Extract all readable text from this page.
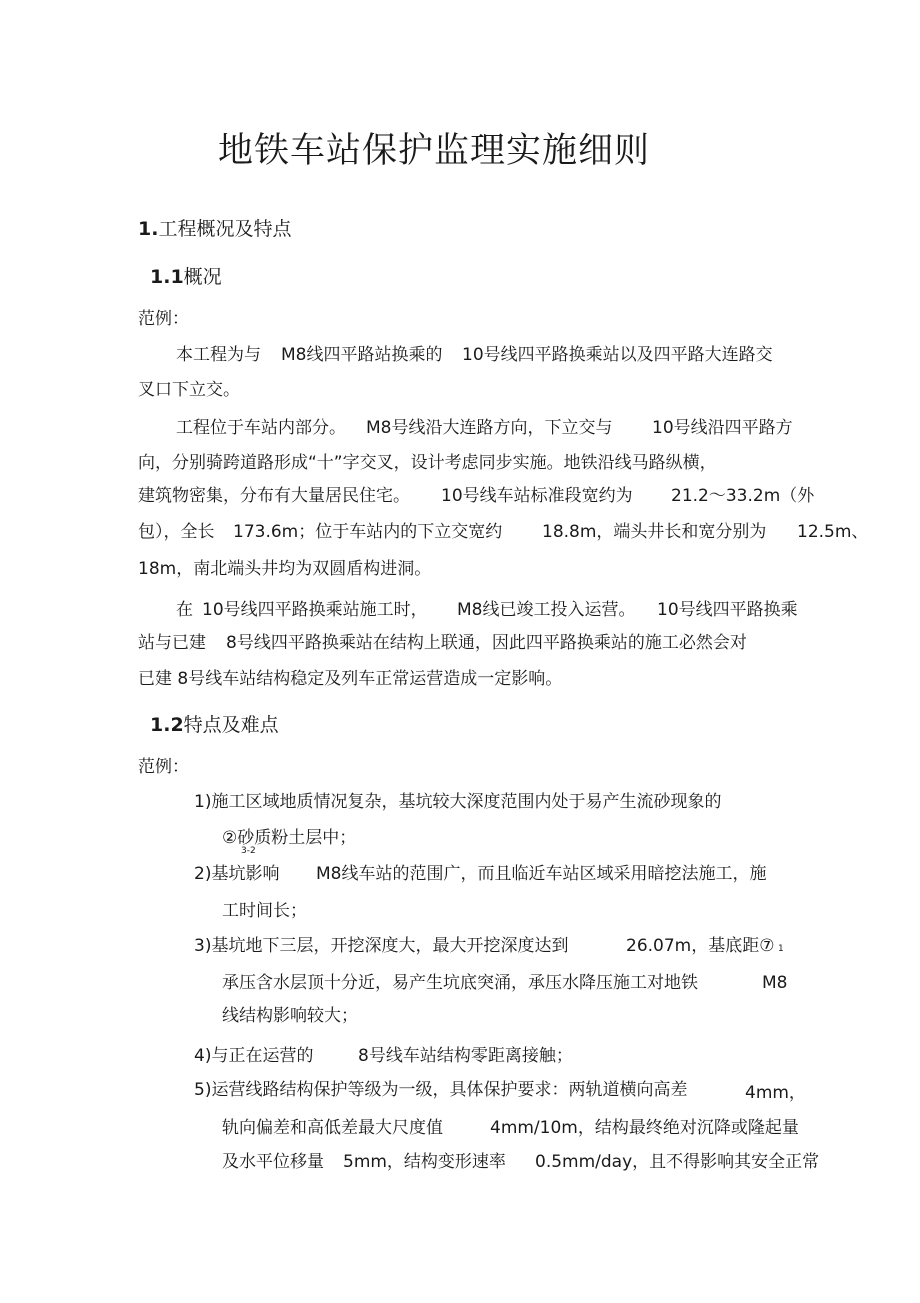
地铁车站保护监理实施细则
1.工程概况及特点
1.1概况
范例：
本工程为与 M8线四平路站换乘的 10号线四平路换乘站以及四平路大连路交
叉口下立交。
工程位于车站内部分。 M8号线沿大连路方向，下立交与 10号线沿四平路方
向，分别骑跨道路形成“十”字交叉，设计考虑同步实施。地铁沿线马路纵横，
建筑物密集，分布有大量居民住宅。 10号线车站标准段宽约为 21.2～33.2m（外
包），全长 173.6m；位于车站内的下立交宽约 18.8m，端头井长和宽分别为 12.5m、
18m，南北端头井均为双圆盾构进洞。
在 10号线四平路换乘站施工时， M8线已竣工投入运营。 10号线四平路换乘
站与已建 8号线四平路换乘站在结构上联通，因此四平路换乘站的施工必然会对
已建 8号线车站结构稳定及列车正常运营造成一定影响。
1.2特点及难点
范例：
1)施工区域地质情况复杂，基坑较大深度范围内处于易产生流砂现象的
②砂质粉土层中；
3-2
2)基坑影响 M8线车站的范围广，而且临近车站区域采用暗挖法施工，施
工时间长；
3)基坑地下三层，开挖深度大，最大开挖深度达到	26.07m，基底距⑦ 1
承压含水层顶十分近，易产生坑底突涌，承压水降压施工对地铁	M8
线结构影响较大；
4)与正在运营的	8号线车站结构零距离接触；
5)运营线路结构保护等级为一级，具体保护要求：两轨道横向高差	4mm，
轨向偏差和高低差最大尺度值	4mm/10m，结构最终绝对沉降或隆起量
及水平位移量 5mm，结构变形速率 0.5mm/day，且不得影响其安全正常
